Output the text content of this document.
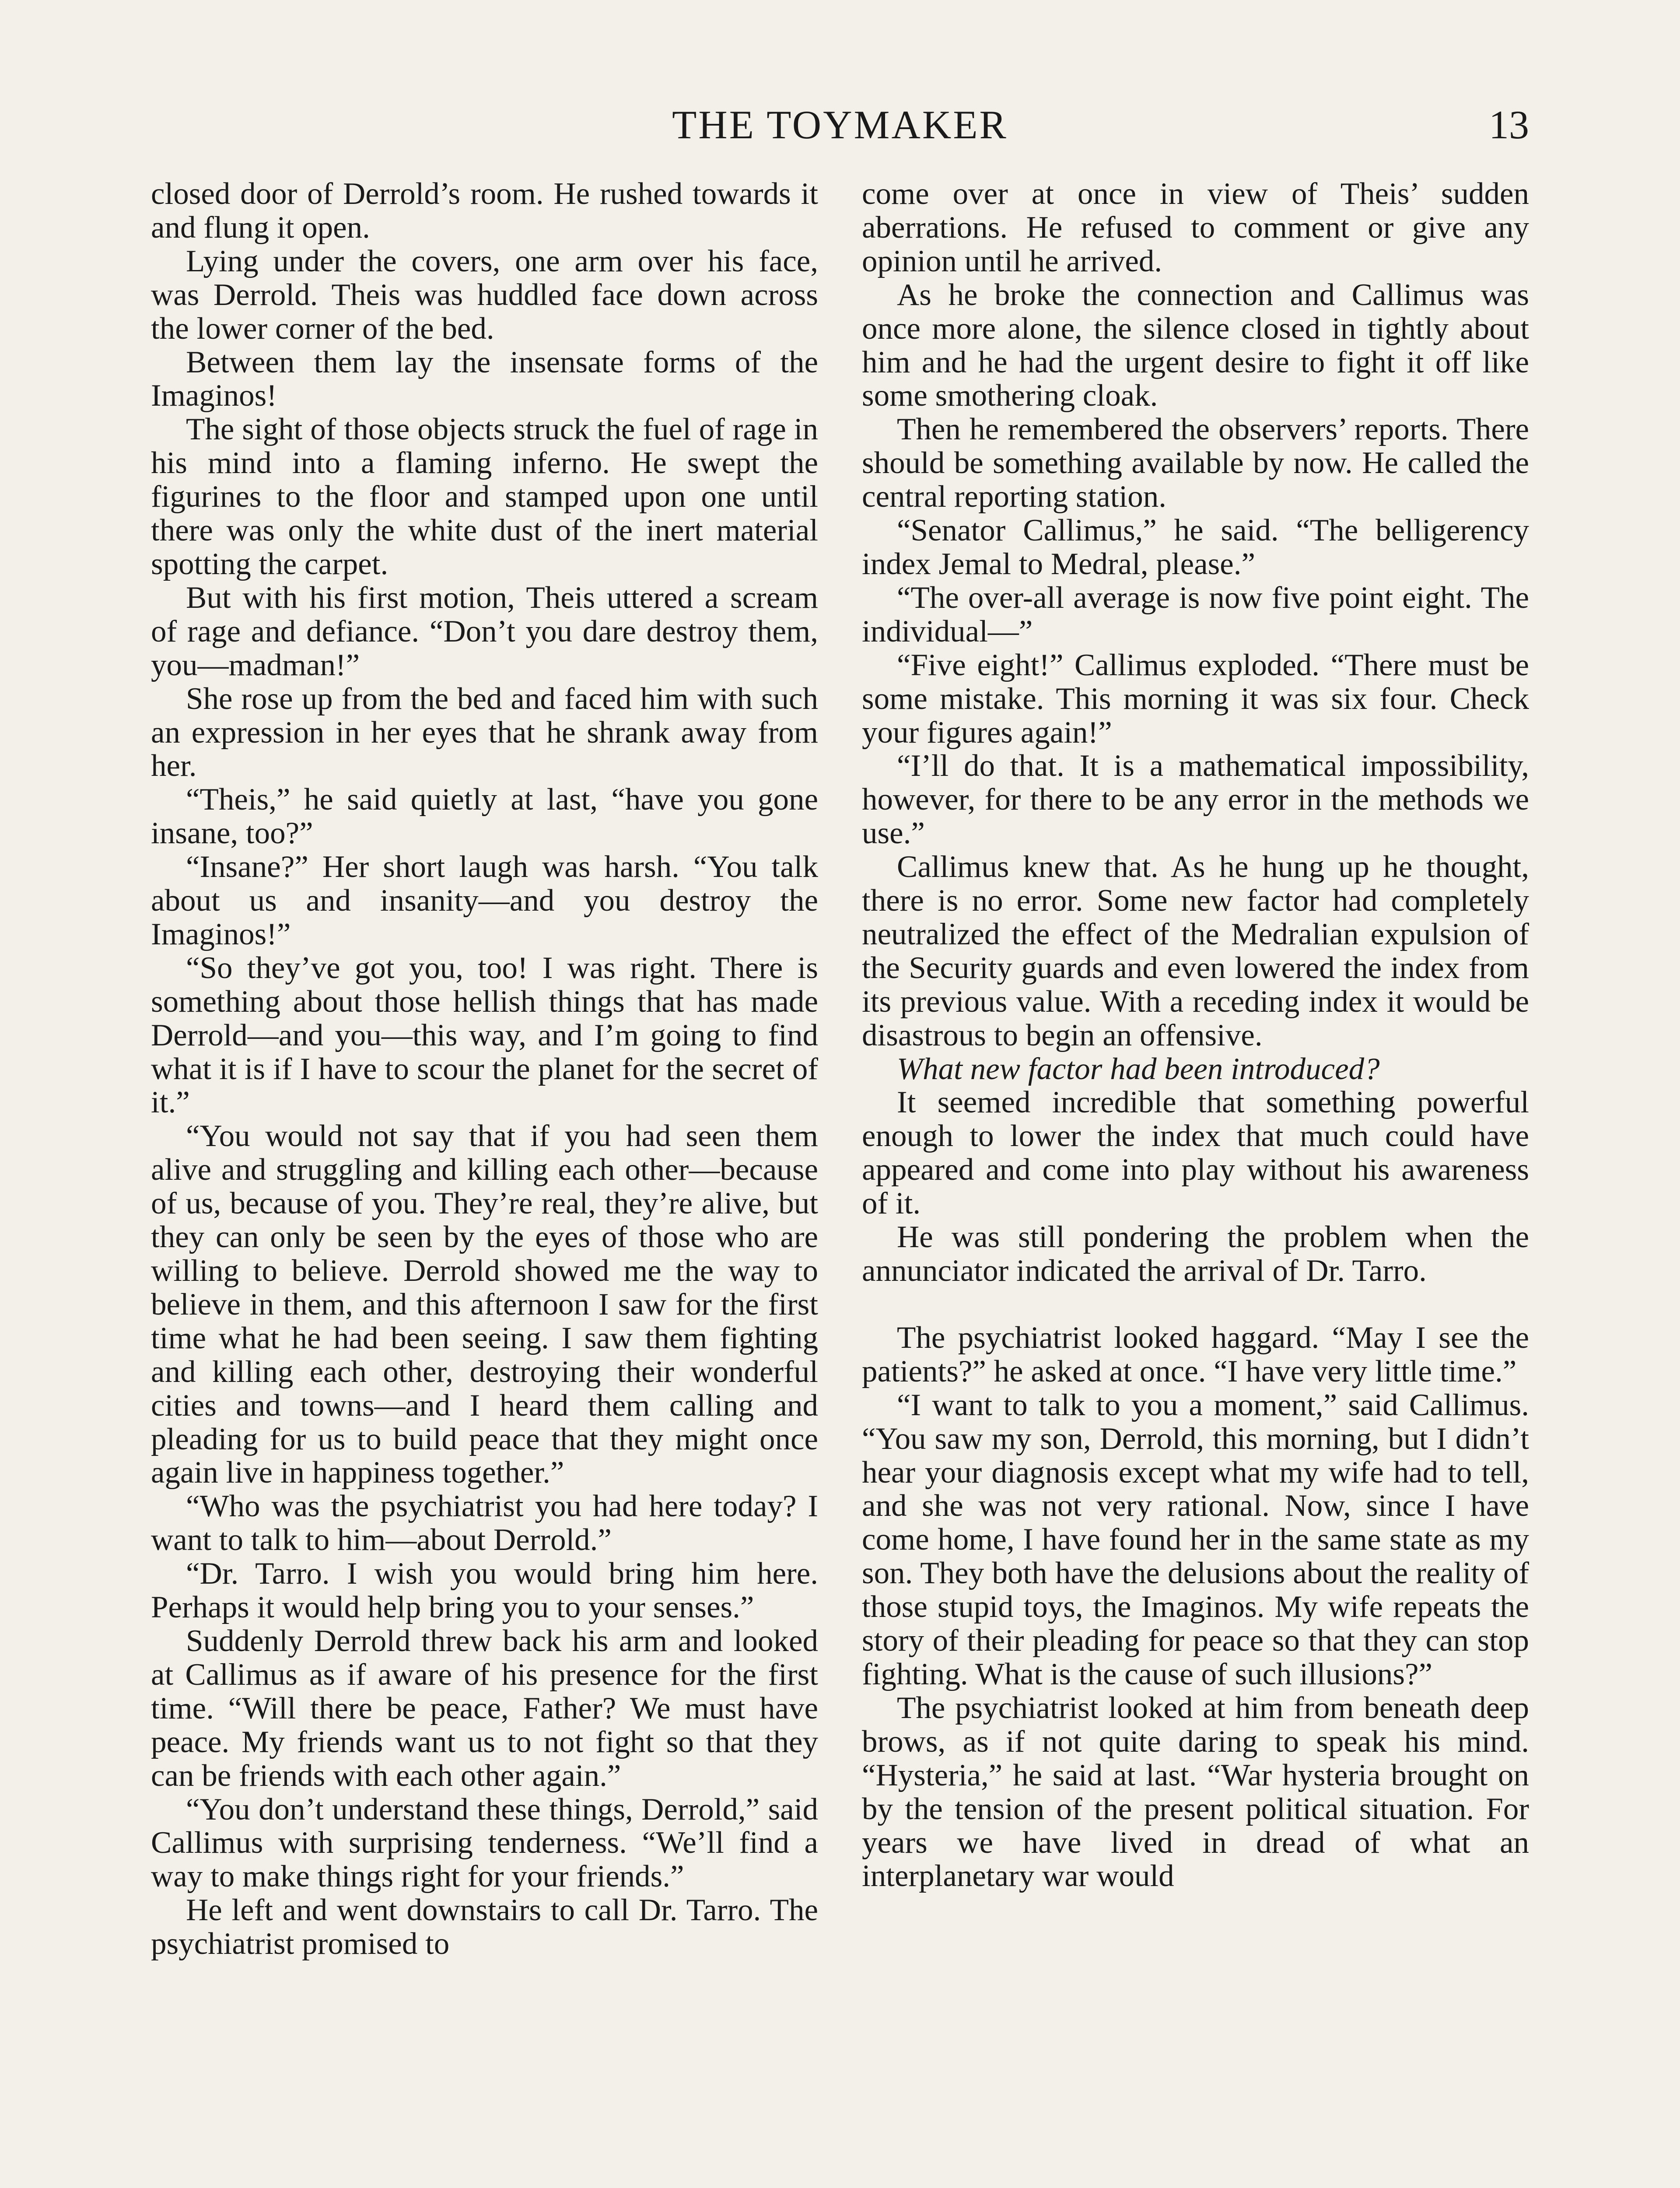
THE TOYMAKER	13

closed door of Derrold’s room. He rushed towards it and flung it open.

Lying under the covers, one arm over his face, was Derrold. Theis was huddled face down across the lower corner of the bed.

Between them lay the insensate forms of the Imaginos!

The sight of those objects struck the fuel of rage in his mind into a flaming inferno. He swept the figurines to the floor and stamped upon one until there was only the white dust of the inert material spotting the carpet.

But with his first motion, Theis uttered a scream of rage and defiance. “Don’t you dare destroy them, you—madman!”

She rose up from the bed and faced him with such an expression in her eyes that he shrank away from her.

“Theis,” he said quietly at last, “have you gone insane, too?”

“Insane?” Her short laugh was harsh. “You talk about us and insanity—and you destroy the Imaginos!”

“So they’ve got you, too! I was right. There is something about those hellish things that has made Derrold—and you—this way, and I’m going to find what it is if I have to scour the planet for the secret of it.”

“You would not say that if you had seen them alive and struggling and killing each other—because of us, because of you. They’re real, they’re alive, but they can only be seen by the eyes of those who are willing to believe. Derrold showed me the way to believe in them, and this afternoon I saw for the first time what he had been seeing. I saw them fighting and killing each other, destroying their wonderful cities and towns—and I heard them calling and pleading for us to build peace that they might once again live in happiness together.”

“Who was the psychiatrist you had here today? I want to talk to him—about Derrold.”

“Dr. Tarro. I wish you would bring him here. Perhaps it would help bring you to your senses.”

Suddenly Derrold threw back his arm and looked at Callimus as if aware of his presence for the first time. “Will there be peace, Father? We must have peace. My friends want us to not fight so that they can be friends with each other again.”

“You don’t understand these things, Derrold,” said Callimus with surprising tenderness. “We’ll find a way to make things right for your friends.”

He left and went downstairs to call Dr. Tarro. The psychiatrist promised to

come over at once in view of Theis’ sudden aberrations. He refused to comment or give any opinion until he arrived.

As he broke the connection and Callimus was once more alone, the silence closed in tightly about him and he had the urgent desire to fight it off like some smothering cloak.

Then he remembered the observers’ reports. There should be something available by now. He called the central reporting station.

“Senator Callimus,” he said. “The belligerency index Jemal to Medral, please.”

“The over-all average is now five point eight. The individual—”

“Five eight!” Callimus exploded. “There must be some mistake. This morning it was six four. Check your figures again!”

“I’ll do that. It is a mathematical impossibility, however, for there to be any error in the methods we use.”

Callimus knew that. As he hung up he thought, there is no error. Some new factor had completely neutralized the effect of the Medralian expulsion of the Security guards and even lowered the index from its previous value. With a receding index it would be disastrous to begin an offensive.

What new factor had been introduced?

It seemed incredible that something powerful enough to lower the index that much could have appeared and come into play without his awareness of it.

He was still pondering the problem when the annunciator indicated the arrival of Dr. Tarro.

The psychiatrist looked haggard. “May I see the patients?” he asked at once. “I have very little time.”

“I want to talk to you a moment,” said Callimus. “You saw my son, Derrold, this morning, but I didn’t hear your diagnosis except what my wife had to tell, and she was not very rational. Now, since I have come home, I have found her in the same state as my son. They both have the delusions about the reality of those stupid toys, the Imaginos. My wife repeats the story of their pleading for peace so that they can stop fighting. What is the cause of such illusions?”

The psychiatrist looked at him from beneath deep brows, as if not quite daring to speak his mind. “Hysteria,” he said at last. “War hysteria brought on by the tension of the present political situation. For years we have lived in dread of what an interplanetary war would
